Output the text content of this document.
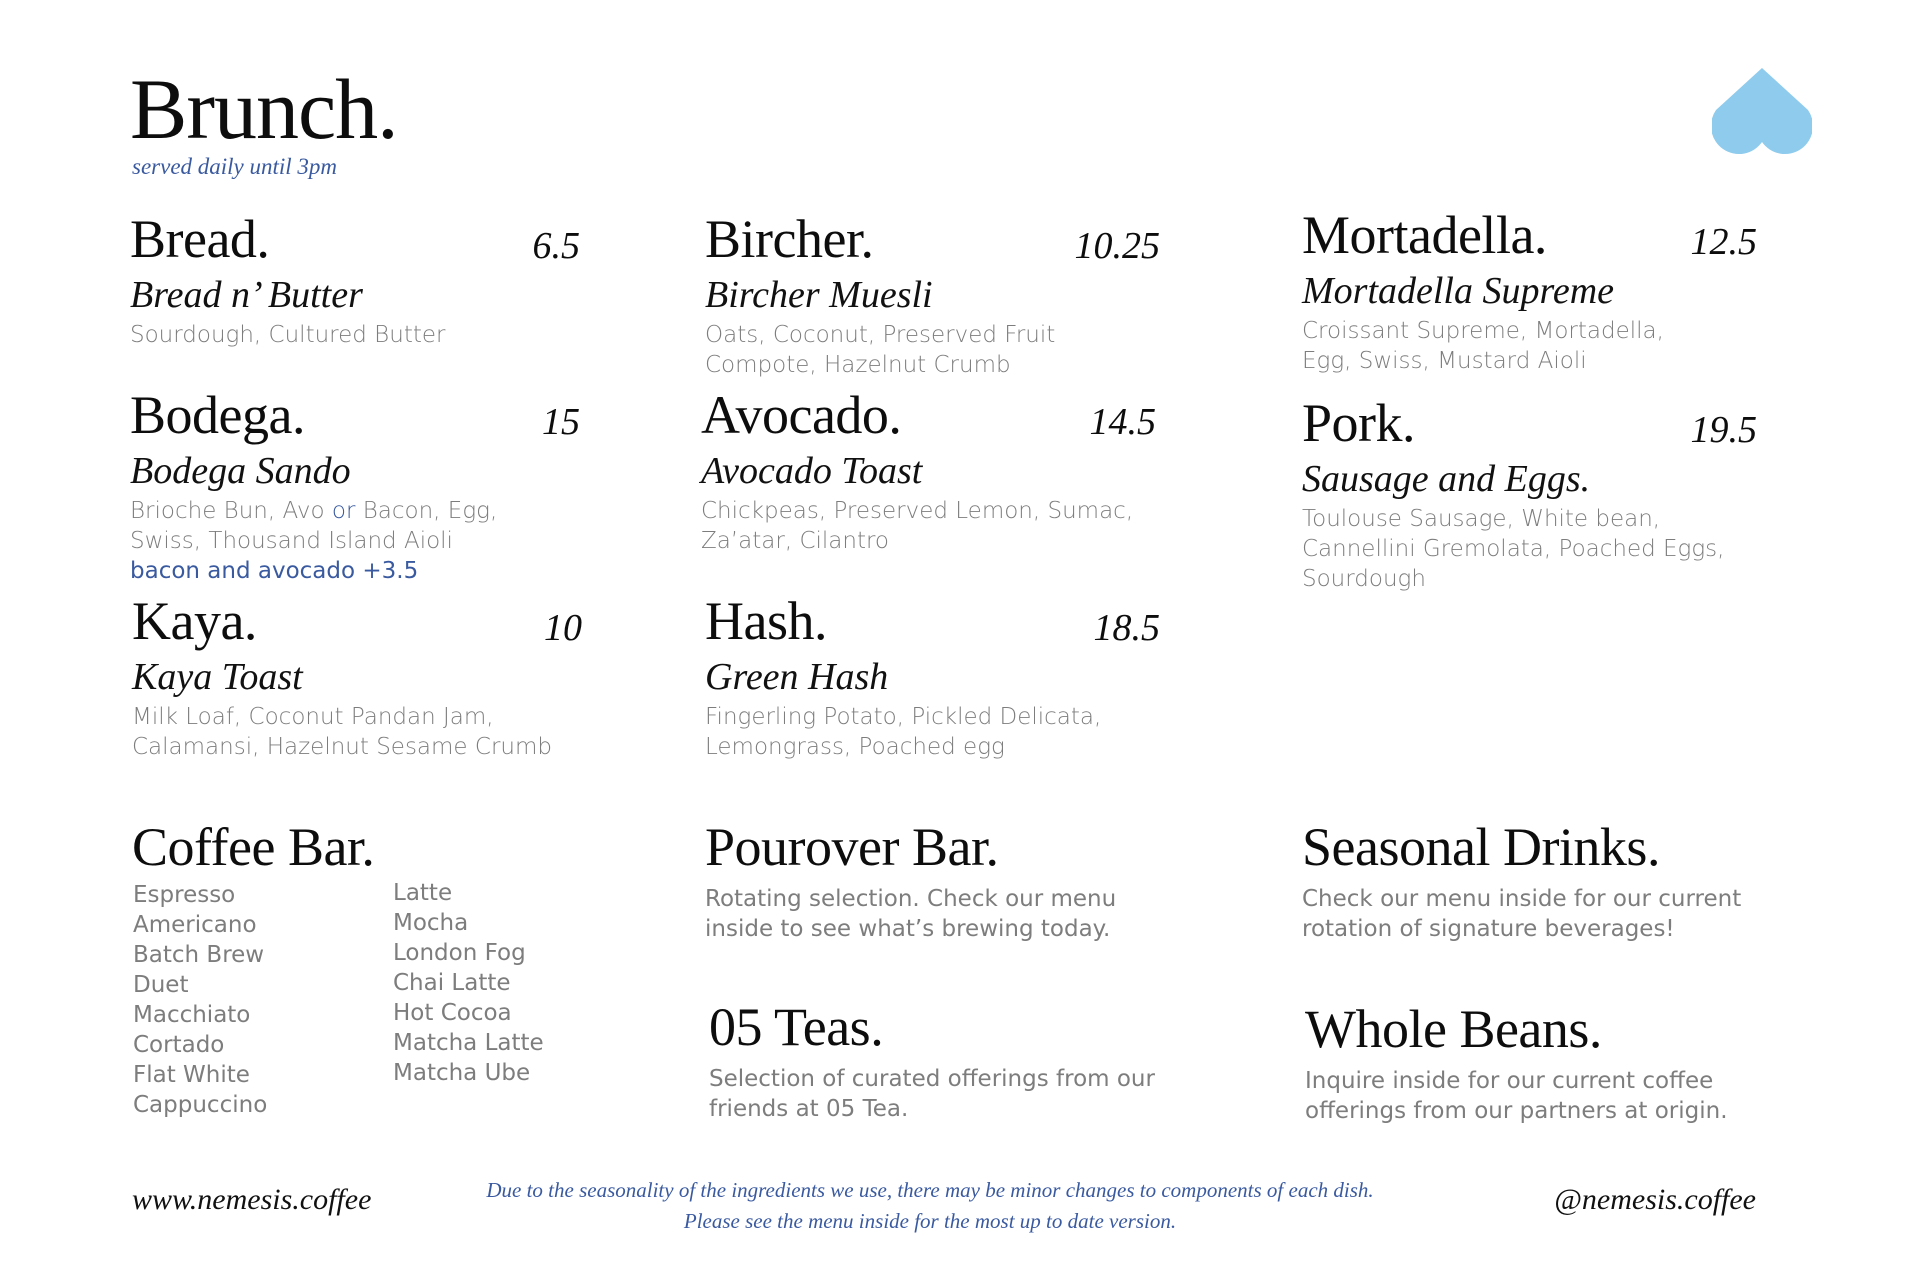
Brunch.
served daily until 3pm
6.5
Bread.
Bread n’ Butter
Sourdough, Cultured Butter
15
Bodega.
Bodega Sando
Brioche Bun, Avo or Bacon, Egg,
Swiss, Thousand Island Aioli
bacon and avocado +3.5
10
Kaya.
Kaya Toast
Milk Loaf, Coconut Pandan Jam,
Calamansi, Hazelnut Sesame Crumb
10.25
Bircher.
Bircher Muesli
Oats, Coconut, Preserved Fruit
Compote, Hazelnut Crumb
14.5
Avocado.
Avocado Toast
Chickpeas, Preserved Lemon, Sumac,
Za’atar, Cilantro
18.5
Hash.
Green Hash
Fingerling Potato, Pickled Delicata,
Lemongrass, Poached egg
12.5
Mortadella.
Mortadella Supreme
Croissant Supreme, Mortadella,
Egg, Swiss, Mustard Aioli
19.5
Pork.
Sausage and Eggs.
Toulouse Sausage, White bean,
Cannellini Gremolata, Poached Eggs,
Sourdough
Coffee Bar.
Espresso
Americano
Batch Brew
Duet
Macchiato
Cortado
Flat White
Cappuccino
Latte
Mocha
London Fog
Chai Latte
Hot Cocoa
Matcha Latte
Matcha Ube
Pourover Bar.
Rotating selection. Check our menu
inside to see what’s brewing today.
Seasonal Drinks.
Check our menu inside for our current
rotation of signature beverages!
05 Teas.
Selection of curated offerings from our
friends at 05 Tea.
Whole Beans.
Inquire inside for our current coffee
offerings from our partners at origin.
www.nemesis.coffee	Due to the seasonality of the ingredients we use, there may be minor changes to components of each dish.
Please see the menu inside for the most up to date version.
@nemesis.coffee
